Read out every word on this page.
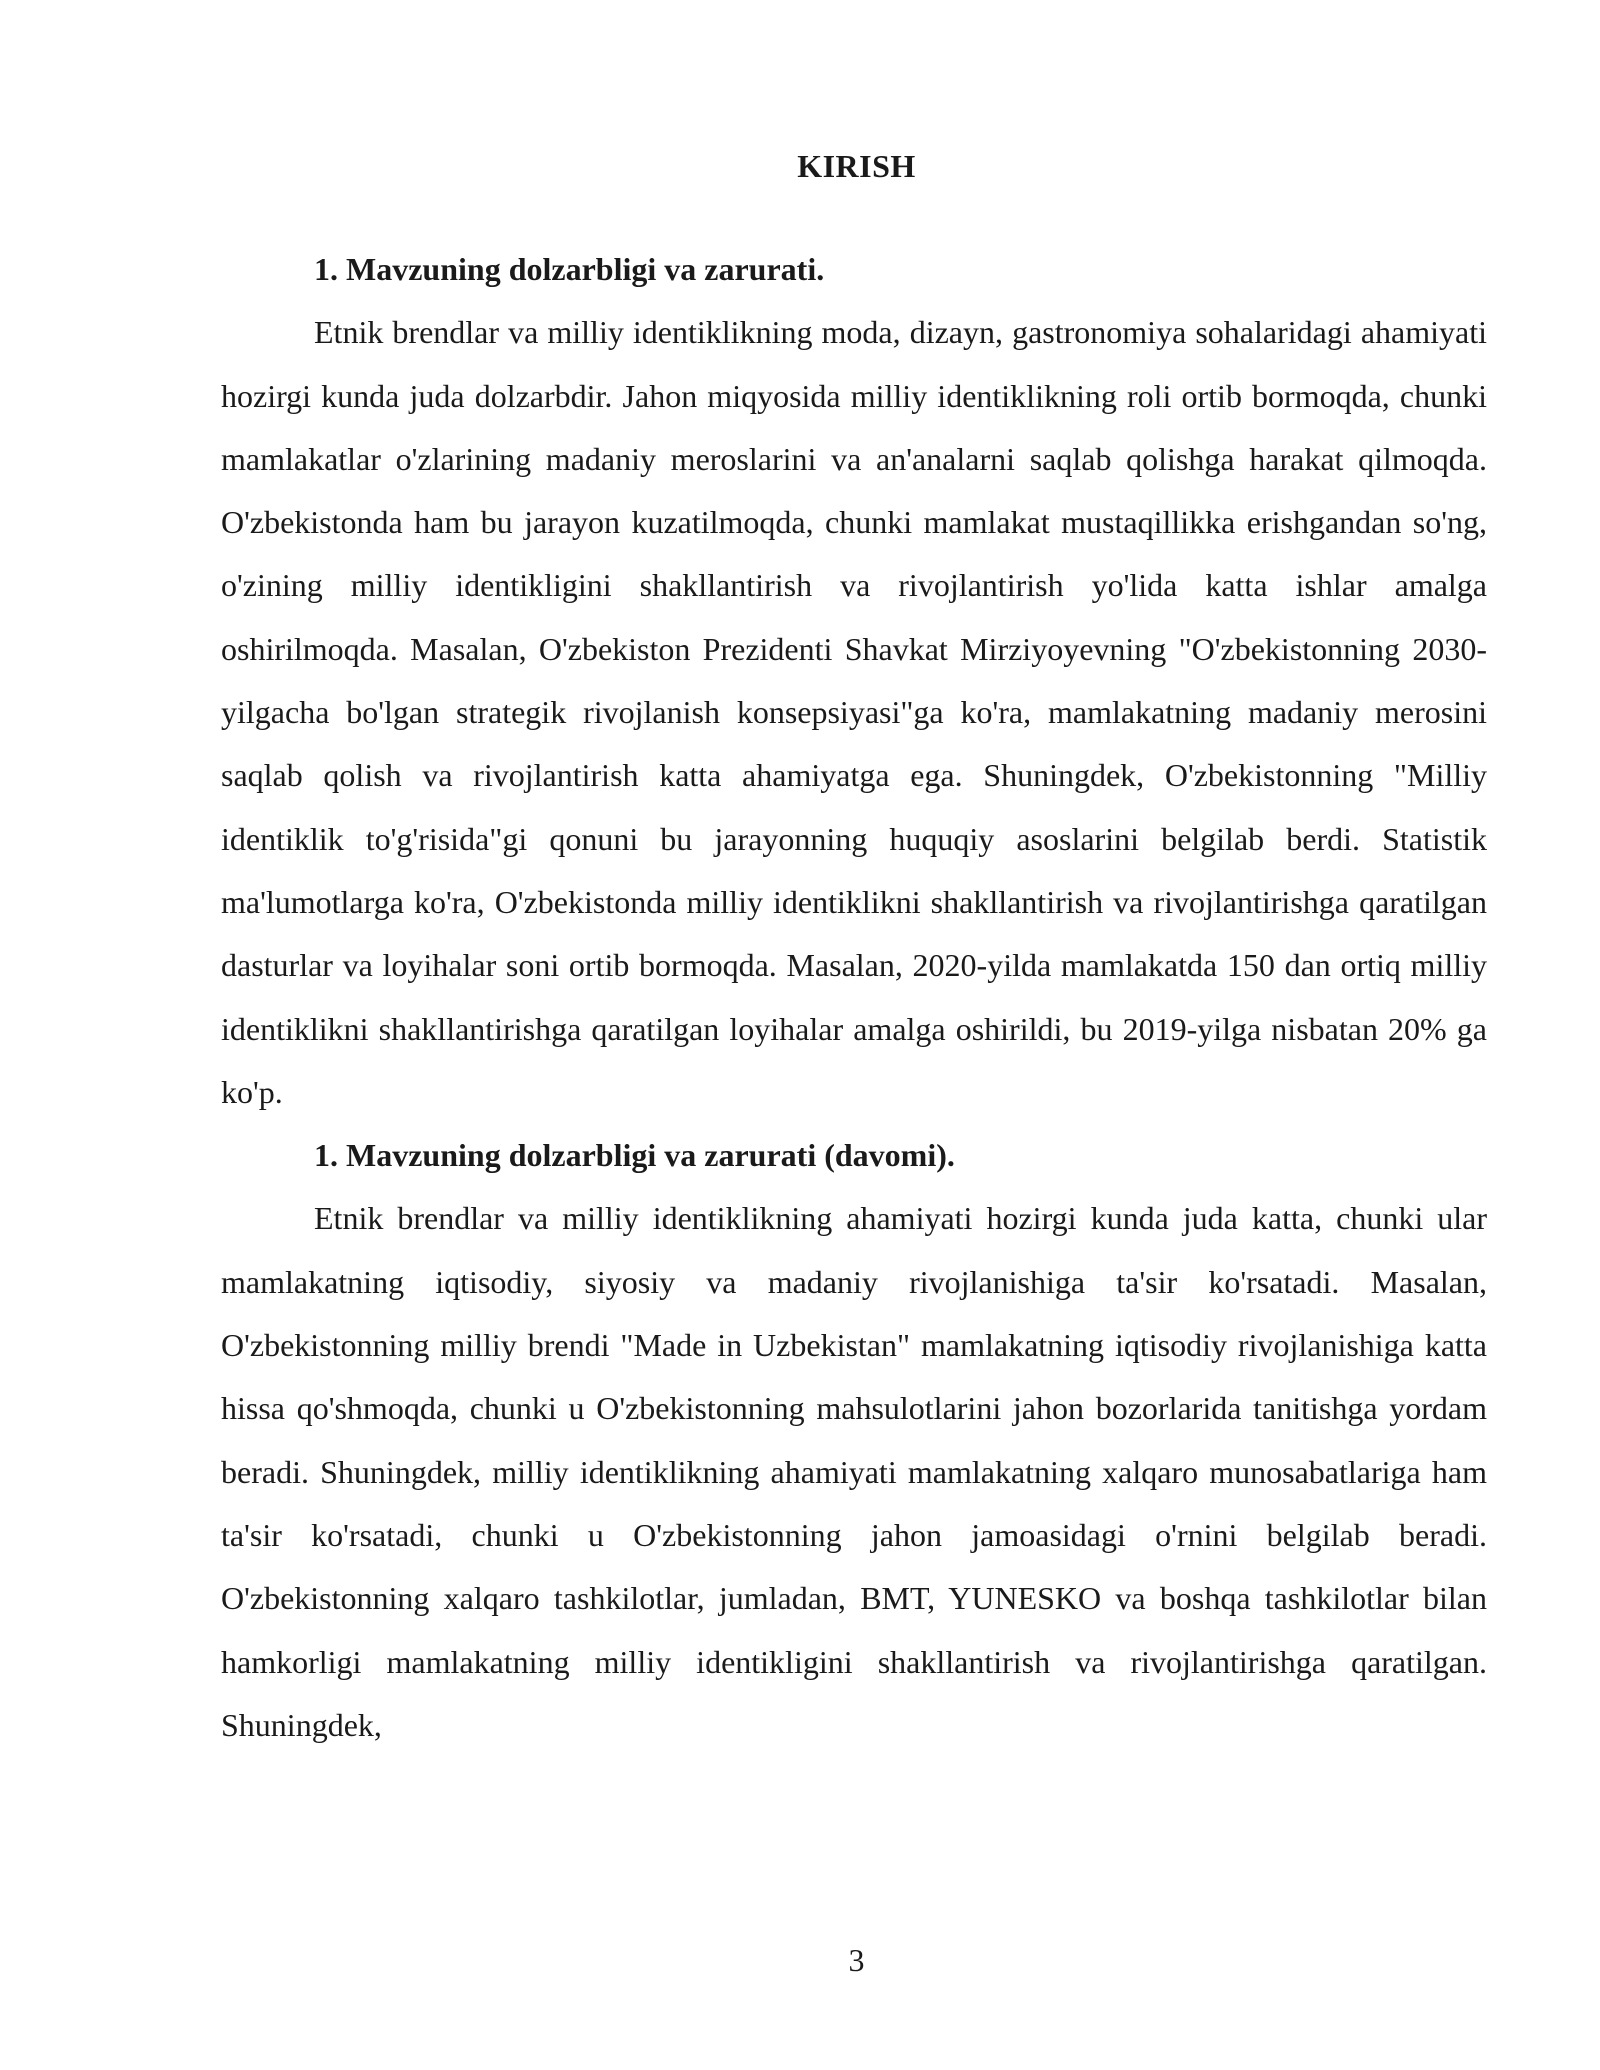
KIRISH

1. Mavzuning dolzarbligi va zarurati.

Etnik brendlar va milliy identiklikning moda, dizayn, gastronomiya sohalaridagi ahamiyati hozirgi kunda juda dolzarbdir. Jahon miqyosida milliy identiklikning roli ortib bormoqda, chunki mamlakatlar o'zlarining madaniy meroslarini va an'analarni saqlab qolishga harakat qilmoqda. O'zbekistonda ham bu jarayon kuzatilmoqda, chunki mamlakat mustaqillikka erishgandan so'ng, o'zining milliy identikligini shakllantirish va rivojlantirish yo'lida katta ishlar amalga oshirilmoqda. Masalan, O'zbekiston Prezidenti Shavkat Mirziyoyevning "O'zbekistonning 2030-yilgacha bo'lgan strategik rivojlanish konsepsiyasi"ga ko'ra, mamlakatning madaniy merosini saqlab qolish va rivojlantirish katta ahamiyatga ega. Shuningdek, O'zbekistonning "Milliy identiklik to'g'risida"gi qonuni bu jarayonning huquqiy asoslarini belgilab berdi. Statistik ma'lumotlarga ko'ra, O'zbekistonda milliy identiklikni shakllantirish va rivojlantirishga qaratilgan dasturlar va loyihalar soni ortib bormoqda. Masalan, 2020-yilda mamlakatda 150 dan ortiq milliy identiklikni shakllantirishga qaratilgan loyihalar amalga oshirildi, bu 2019-yilga nisbatan 20% ga ko'p.

1. Mavzuning dolzarbligi va zarurati (davomi).

Etnik brendlar va milliy identiklikning ahamiyati hozirgi kunda juda katta, chunki ular mamlakatning iqtisodiy, siyosiy va madaniy rivojlanishiga ta'sir ko'rsatadi. Masalan, O'zbekistonning milliy brendi "Made in Uzbekistan" mamlakatning iqtisodiy rivojlanishiga katta hissa qo'shmoqda, chunki u O'zbekistonning mahsulotlarini jahon bozorlarida tanitishga yordam beradi. Shuningdek, milliy identiklikning ahamiyati mamlakatning xalqaro munosabatlariga ham ta'sir ko'rsatadi, chunki u O'zbekistonning jahon jamoasidagi o'rnini belgilab beradi. O'zbekistonning xalqaro tashkilotlar, jumladan, BMT, YUNESKO va boshqa tashkilotlar bilan hamkorligi mamlakatning milliy identikligini shakllantirish va rivojlantirishga qaratilgan. Shuningdek,

3
